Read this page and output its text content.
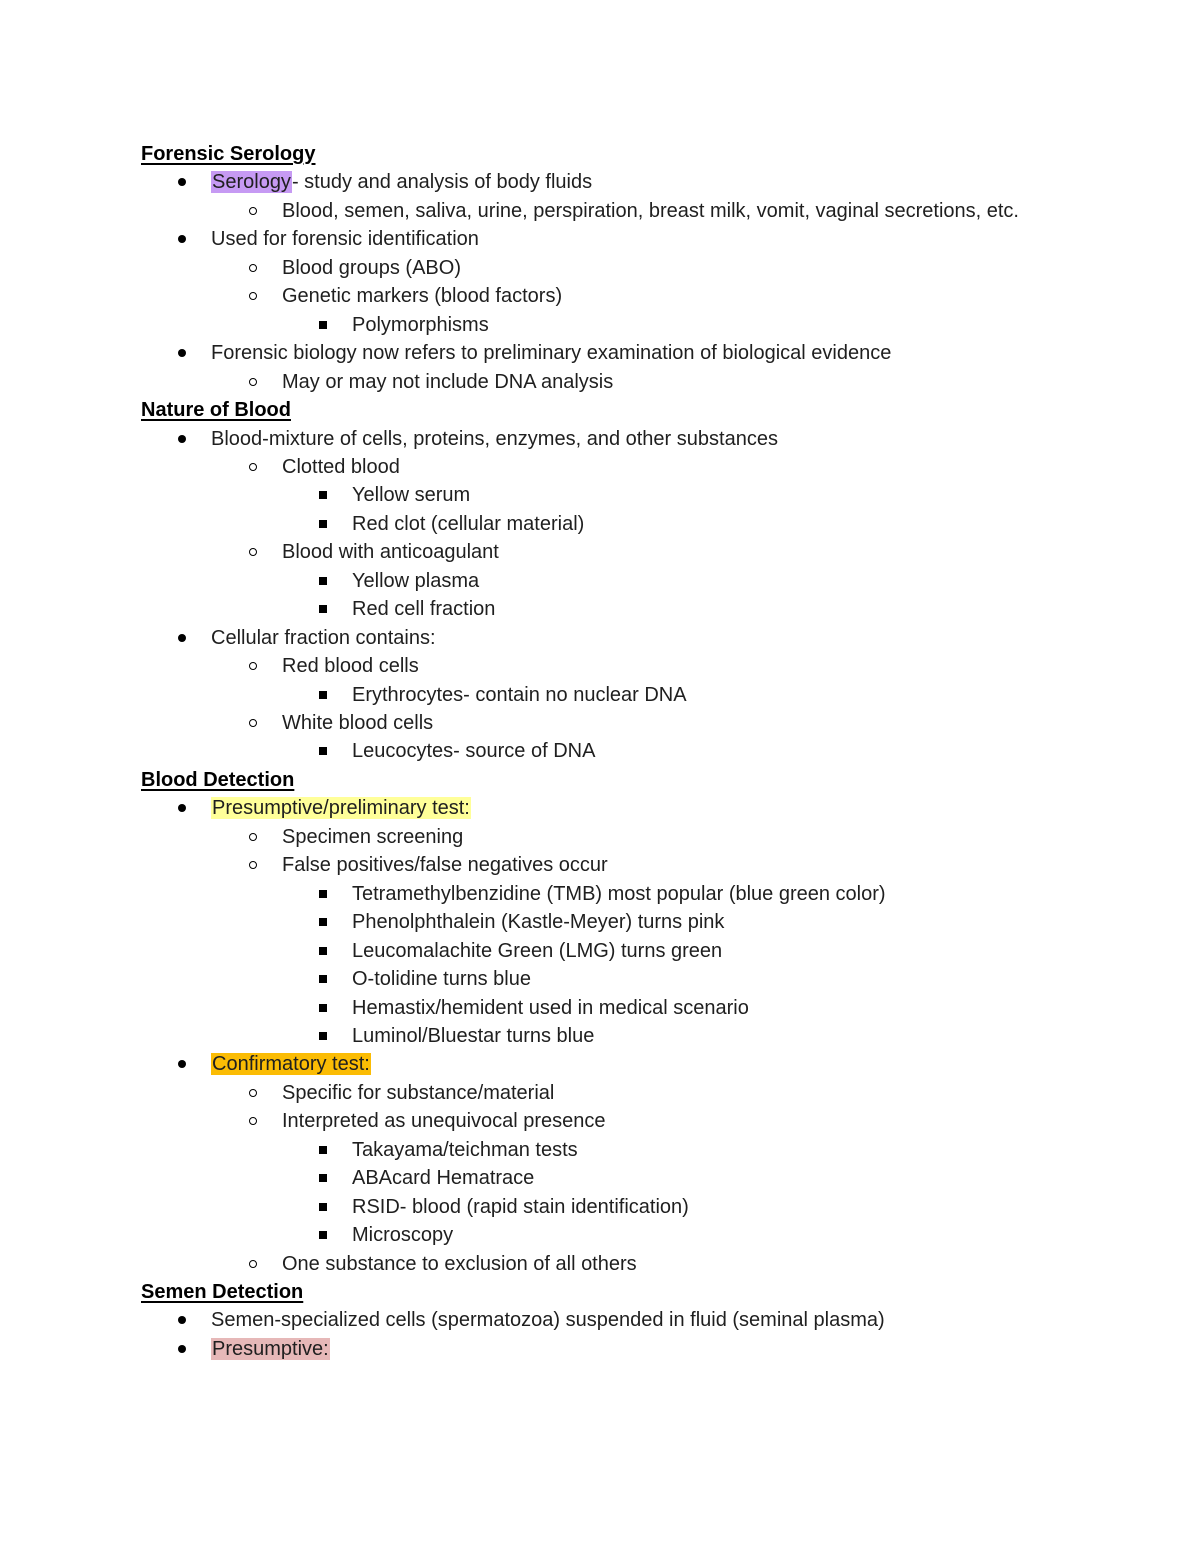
Forensic Serology
Serology- study and analysis of body fluids
Blood, semen, saliva, urine, perspiration, breast milk, vomit, vaginal secretions, etc.
Used for forensic identification
Blood groups (ABO)
Genetic markers (blood factors)
Polymorphisms
Forensic biology now refers to preliminary examination of biological evidence
May or may not include DNA analysis
Nature of Blood
Blood-mixture of cells, proteins, enzymes, and other substances
Clotted blood
Yellow serum
Red clot (cellular material)
Blood with anticoagulant
Yellow plasma
Red cell fraction
Cellular fraction contains:
Red blood cells
Erythrocytes- contain no nuclear DNA
White blood cells
Leucocytes- source of DNA
Blood Detection
Presumptive/preliminary test:
Specimen screening
False positives/false negatives occur
Tetramethylbenzidine (TMB) most popular (blue green color)
Phenolphthalein (Kastle-Meyer) turns pink
Leucomalachite Green (LMG) turns green
O-tolidine turns blue
Hemastix/hemident used in medical scenario
Luminol/Bluestar turns blue
Confirmatory test:
Specific for substance/material
Interpreted as unequivocal presence
Takayama/teichman tests
ABAcard Hematrace
RSID- blood (rapid stain identification)
Microscopy
One substance to exclusion of all others
Semen Detection
Semen-specialized cells (spermatozoa) suspended in fluid (seminal plasma)
Presumptive:
